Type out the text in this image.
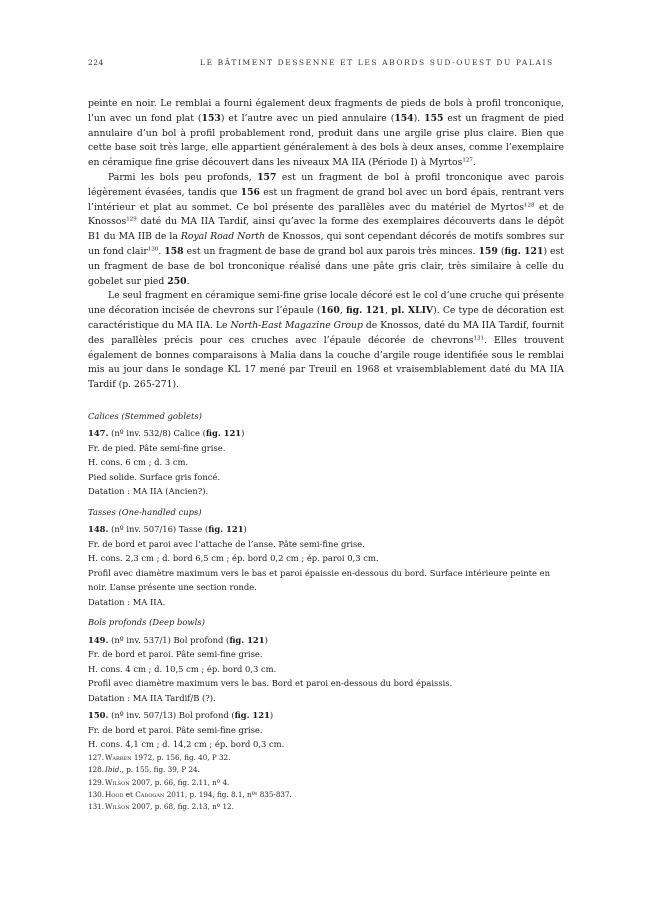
224	LE BÂTIMENT DESSENNE ET LES ABORDS SUD-OUEST DU PALAIS

peinte en noir. Le remblai a fourni également deux fragments de pieds de bols à profil tronconique, l’un avec un fond plat (153) et l’autre avec un pied annulaire (154). 155 est un fragment de pied annulaire d’un bol à profil probablement rond, produit dans une argile grise plus claire. Bien que cette base soit très large, elle appartient généralement à des bols à deux anses, comme l’exemplaire en céramique fine grise découvert dans les niveaux MA IIA (Période I) à Myrtos$^{127}$.

Parmi les bols peu profonds, 157 est un fragment de bol à profil tronconique avec parois légèrement évasées, tandis que 156 est un fragment de grand bol avec un bord épais, rentrant vers l’intérieur et plat au sommet. Ce bol présente des parallèles avec du matériel de Myrtos$^{128}$ et de Knossos$^{129}$ daté du MA IIA Tardif, ainsi qu’avec la forme des exemplaires découverts dans le dépôt B1 du MA IIB de la Royal Road North de Knossos, qui sont cependant décorés de motifs sombres sur un fond clair$^{130}$. 158 est un fragment de base de grand bol aux parois très minces. 159 (fig. 121) est un fragment de base de bol tronconique réalisé dans une pâte gris clair, très similaire à celle du gobelet sur pied 250.

Le seul fragment en céramique semi-fine grise locale décoré est le col d’une cruche qui présente une décoration incisée de chevrons sur l’épaule (160, fig. 121, pl. XLIV). Ce type de décoration est caractéristique du MA IIA. Le North-East Magazine Group de Knossos, daté du MA IIA Tardif, fournit des parallèles précis pour ces cruches avec l’épaule décorée de chevrons$^{131}$. Elles trouvent également de bonnes comparaisons à Malia dans la couche d’argile rouge identifiée sous le remblai mis au jour dans le sondage KL 17 mené par Treuil en 1968 et vraisemblablement daté du MA IIA Tardif (p. 265-271).

Calices (Stemmed goblets)
147. (nº inv. 532/8) Calice (fig. 121)
Fr. de pied. Pâte semi-fine grise.
H. cons. 6 cm ; d. 3 cm.
Pied solide. Surface gris foncé.
Datation : MA IIA (Ancien?).
Tasses (One-handled cups)
148. (nº inv. 507/16) Tasse (fig. 121)
Fr. de bord et paroi avec l’attache de l’anse. Pâte semi-fine grise.
H. cons. 2,3 cm ; d. bord 6,5 cm ; ép. bord 0,2 cm ; ép. paroi 0,3 cm.
Profil avec diamètre maximum vers le bas et paroi épaissie en-dessous du bord. Surface intérieure peinte en noir. L’anse présente une section ronde.
Datation : MA IIA.
Bols profonds (Deep bowls)
149. (nº inv. 537/1) Bol profond (fig. 121)
Fr. de bord et paroi. Pâte semi-fine grise.
H. cons. 4 cm ; d. 10,5 cm ; ép. bord 0,3 cm.
Profil avec diamètre maximum vers le bas. Bord et paroi en-dessous du bord épaissis.
Datation : MA IIA Tardif/B (?).
150. (nº inv. 507/13) Bol profond (fig. 121)
Fr. de bord et paroi. Pâte semi-fine grise.
H. cons. 4,1 cm ; d. 14,2 cm ; ép. bord 0,3 cm.
127. Warren 1972, p. 156, fig. 40, P 32.
128. Ibid., p. 155, fig. 39, P 24.
129. Wilson 2007, p. 66, fig. 2.11, nº 4.
130. Hood et Cadogan 2011, p. 194, fig. 8.1, nºˢ 835-837.
131. Wilson 2007, p. 68, fig. 2.13, nº 12.
